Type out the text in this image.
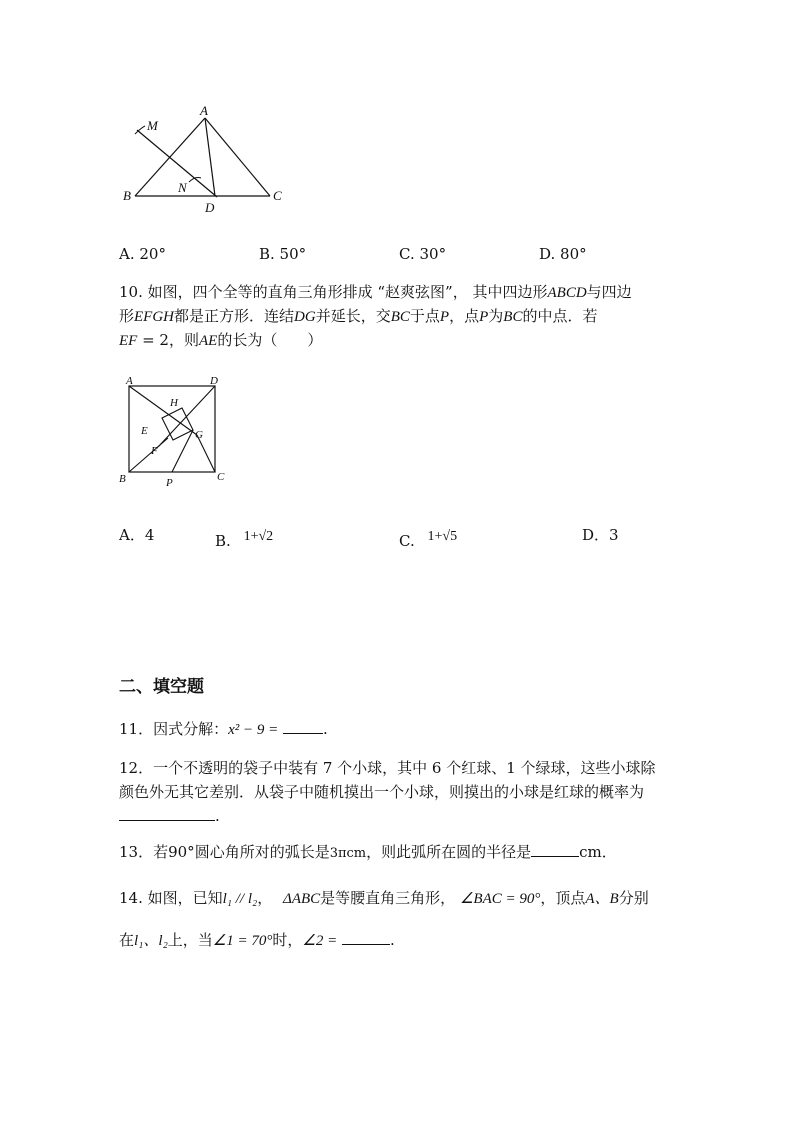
A
M
N
B
D
C
A. 20°	B. 50°	C. 30°	D. 80°
10. 如图，四个全等的直角三角形排成 “赵爽弦图”， 其中四边形ABCD与四边
形EFGH都是正方形．连结DG并延长，交BC于点P，点P为BC的中点．若
EF = 2，则AE的长为（　　）
A	D
H
E	G
F
B	C
P
A．4	B. 1+√2	C. 1+√5	D．3
二、填空题
11．因式分解：x² − 9 =	.
12．一个不透明的袋子中装有 7 个小球，其中 6 个红球、1 个绿球，这些小球除
颜色外无其它差别．从袋子中随机摸出一个小球，则摸出的小球是红球的概率为
.
13．若90°圆心角所对的弧长是3πcm，则此弧所在圆的半径是	cm．
14. 如图，已知l₁ // l₂， ΔABC是等腰直角三角形， ∠BAC = 90°，顶点A、B分别
在l₁、l₂上，当∠1 = 70°时，∠2 =	.
